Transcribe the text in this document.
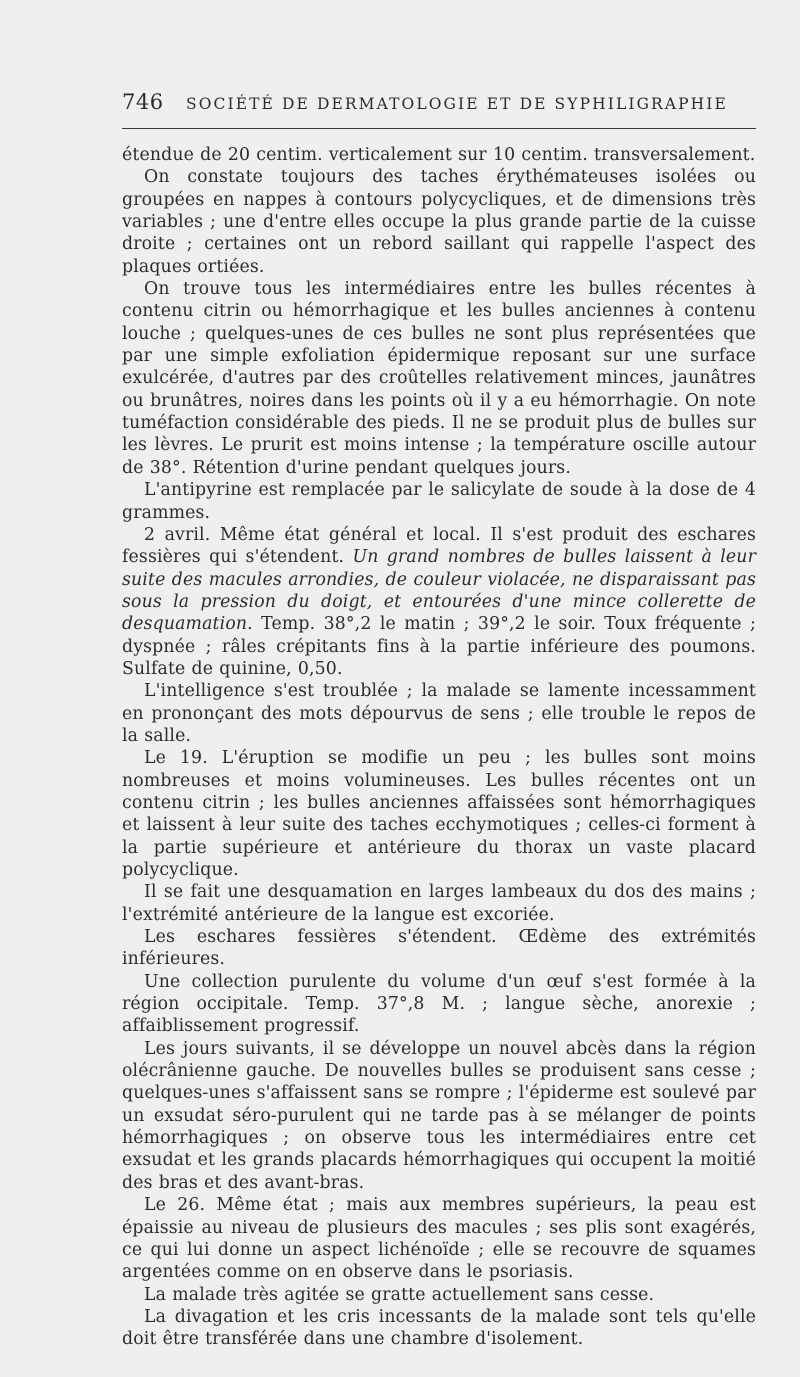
746	SOCIÉTÉ DE DERMATOLOGIE ET DE SYPHILIGRAPHIE

étendue de 20 centim. verticalement sur 10 centim. transversalement.

On constate toujours des taches érythémateuses isolées ou groupées en nappes à contours polycycliques, et de dimensions très variables ; une d'entre elles occupe la plus grande partie de la cuisse droite ; certaines ont un rebord saillant qui rappelle l'aspect des plaques ortiées.

On trouve tous les intermédiaires entre les bulles récentes à contenu citrin ou hémorrhagique et les bulles anciennes à contenu louche ; quelques-unes de ces bulles ne sont plus représentées que par une simple exfoliation épidermique reposant sur une surface exulcérée, d'autres par des croûtelles relativement minces, jaunâtres ou brunâtres, noires dans les points où il y a eu hémorrhagie. On note tuméfaction considérable des pieds. Il ne se produit plus de bulles sur les lèvres. Le prurit est moins intense ; la température oscille autour de 38°. Rétention d'urine pendant quelques jours.

L'antipyrine est remplacée par le salicylate de soude à la dose de 4 grammes.

2 avril. Même état général et local. Il s'est produit des eschares fessières qui s'étendent. Un grand nombres de bulles laissent à leur suite des macules arrondies, de couleur violacée, ne disparaissant pas sous la pression du doigt, et entourées d'une mince collerette de desquamation. Temp. 38°,2 le matin ; 39°,2 le soir. Toux fréquente ; dyspnée ; râles crépitants fins à la partie inférieure des poumons. Sulfate de quinine, 0,50.

L'intelligence s'est troublée ; la malade se lamente incessamment en prononçant des mots dépourvus de sens ; elle trouble le repos de la salle.

Le 19. L'éruption se modifie un peu ; les bulles sont moins nombreuses et moins volumineuses. Les bulles récentes ont un contenu citrin ; les bulles anciennes affaissées sont hémorrhagiques et laissent à leur suite des taches ecchymotiques ; celles-ci forment à la partie supérieure et antérieure du thorax un vaste placard polycyclique.

Il se fait une desquamation en larges lambeaux du dos des mains ; l'extrémité antérieure de la langue est excoriée.

Les eschares fessières s'étendent. Œdème des extrémités inférieures.

Une collection purulente du volume d'un œuf s'est formée à la région occipitale. Temp. 37°,8 M. ; langue sèche, anorexie ; affaiblissement progressif.

Les jours suivants, il se développe un nouvel abcès dans la région olécrânienne gauche. De nouvelles bulles se produisent sans cesse ; quelques-unes s'affaissent sans se rompre ; l'épiderme est soulevé par un exsudat séro-purulent qui ne tarde pas à se mélanger de points hémorrhagiques ; on observe tous les intermédiaires entre cet exsudat et les grands placards hémorrhagiques qui occupent la moitié des bras et des avant-bras.

Le 26. Même état ; mais aux membres supérieurs, la peau est épaissie au niveau de plusieurs des macules ; ses plis sont exagérés, ce qui lui donne un aspect lichénoïde ; elle se recouvre de squames argentées comme on en observe dans le psoriasis.

La malade très agitée se gratte actuellement sans cesse.

La divagation et les cris incessants de la malade sont tels qu'elle doit être transférée dans une chambre d'isolement.
